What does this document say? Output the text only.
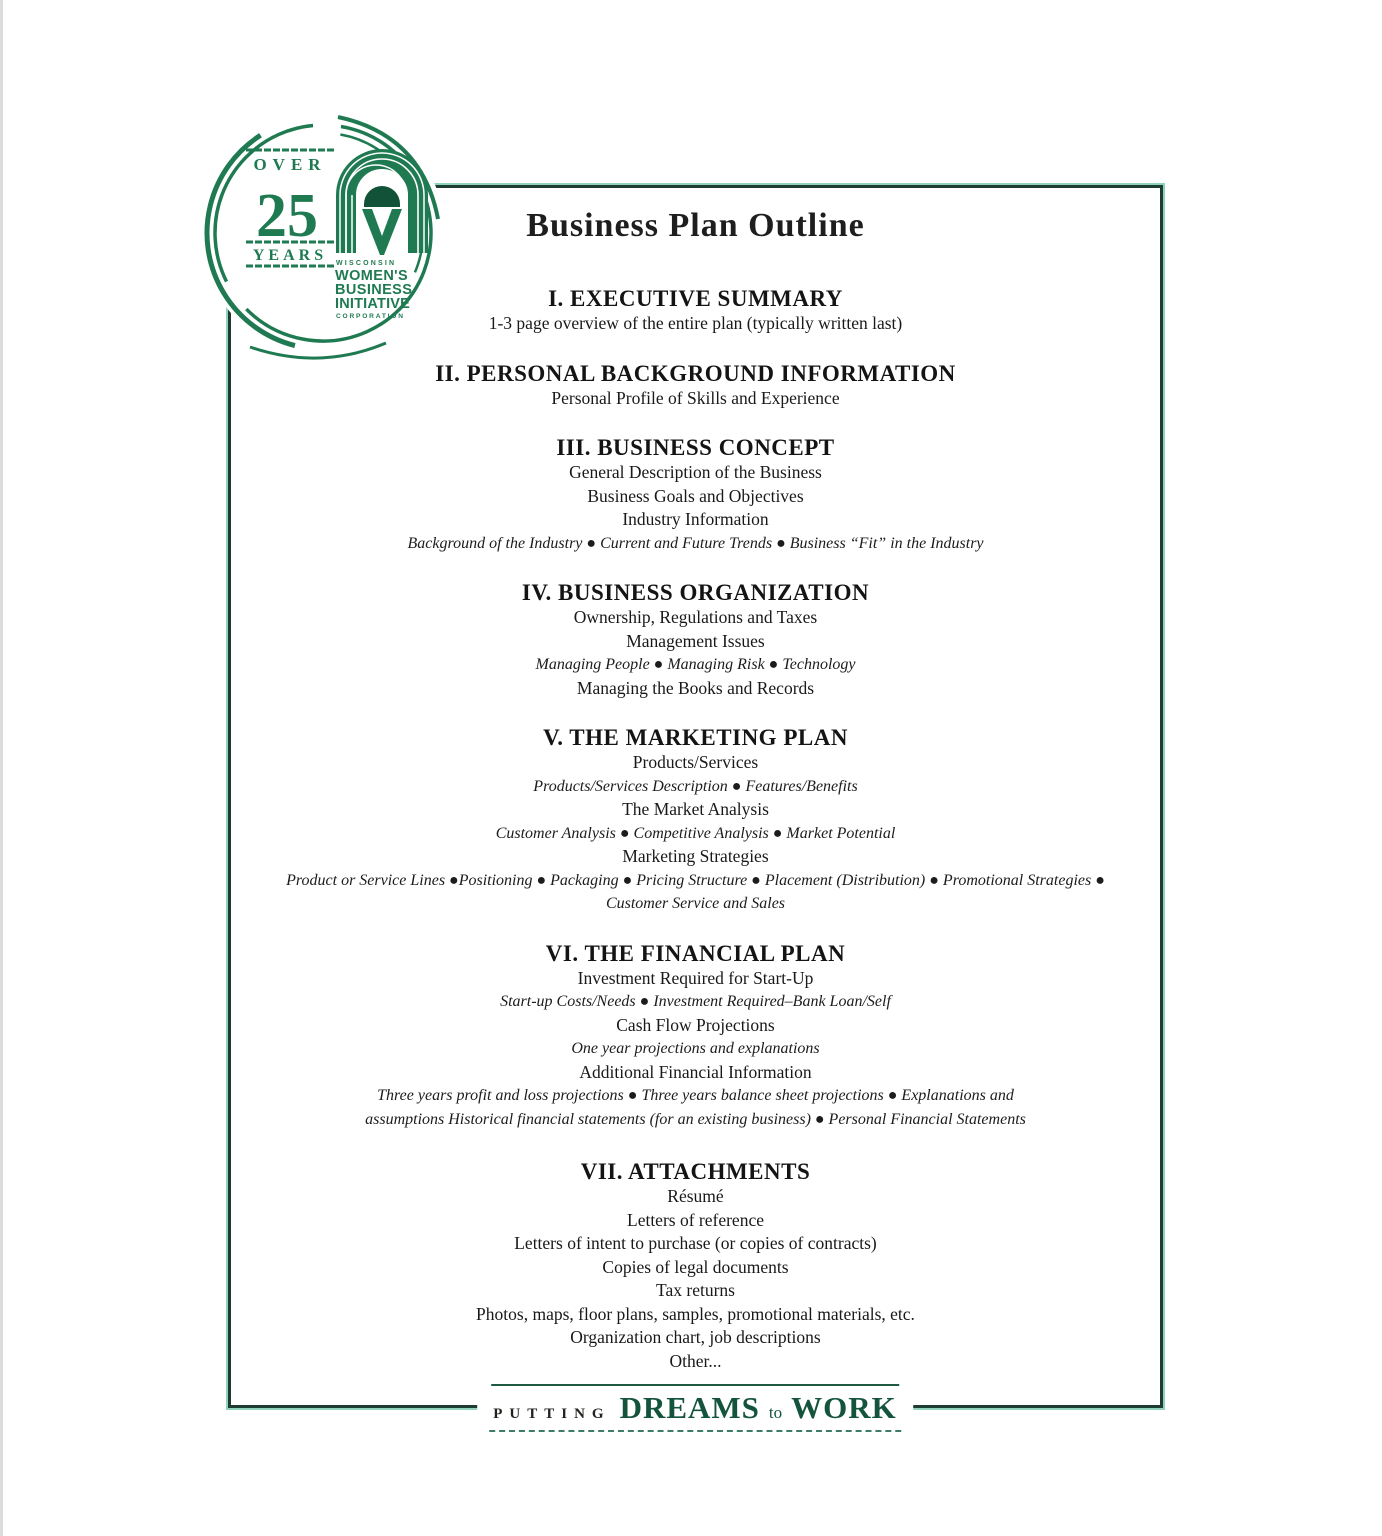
Business Plan Outline
I. EXECUTIVE SUMMARY
1-3 page overview of the entire plan (typically written last)
II. PERSONAL BACKGROUND INFORMATION
Personal Profile of Skills and Experience
III. BUSINESS CONCEPT
General Description of the Business
Business Goals and Objectives
Industry Information
Background of the Industry ● Current and Future Trends ● Business “Fit” in the Industry
IV. BUSINESS ORGANIZATION
Ownership, Regulations and Taxes
Management Issues
Managing People ● Managing Risk ● Technology
Managing the Books and Records
V. THE MARKETING PLAN
Products/Services
Products/Services Description ● Features/Benefits
The Market Analysis
Customer Analysis ● Competitive Analysis ● Market Potential
Marketing Strategies
Product or Service Lines ●Positioning ● Packaging ● Pricing Structure ● Placement (Distribution) ● Promotional Strategies ●
Customer Service and Sales
VI. THE FINANCIAL PLAN
Investment Required for Start-Up
Start-up Costs/Needs ● Investment Required–Bank Loan/Self
Cash Flow Projections
One year projections and explanations
Additional Financial Information
Three years profit and loss projections ● Three years balance sheet projections ● Explanations and
assumptions Historical financial statements (for an existing business) ● Personal Financial Statements
VII. ATTACHMENTS
Résumé
Letters of reference
Letters of intent to purchase (or copies of contracts)
Copies of legal documents
Tax returns
Photos, maps, floor plans, samples, promotional materials, etc.
Organization chart, job descriptions
Other...
OVER
25
YEARS WISCONSIN
WOMEN'S
BUSINESS
INITIATIVE
CORPORATION
PUTTING DREAMS to WORK
